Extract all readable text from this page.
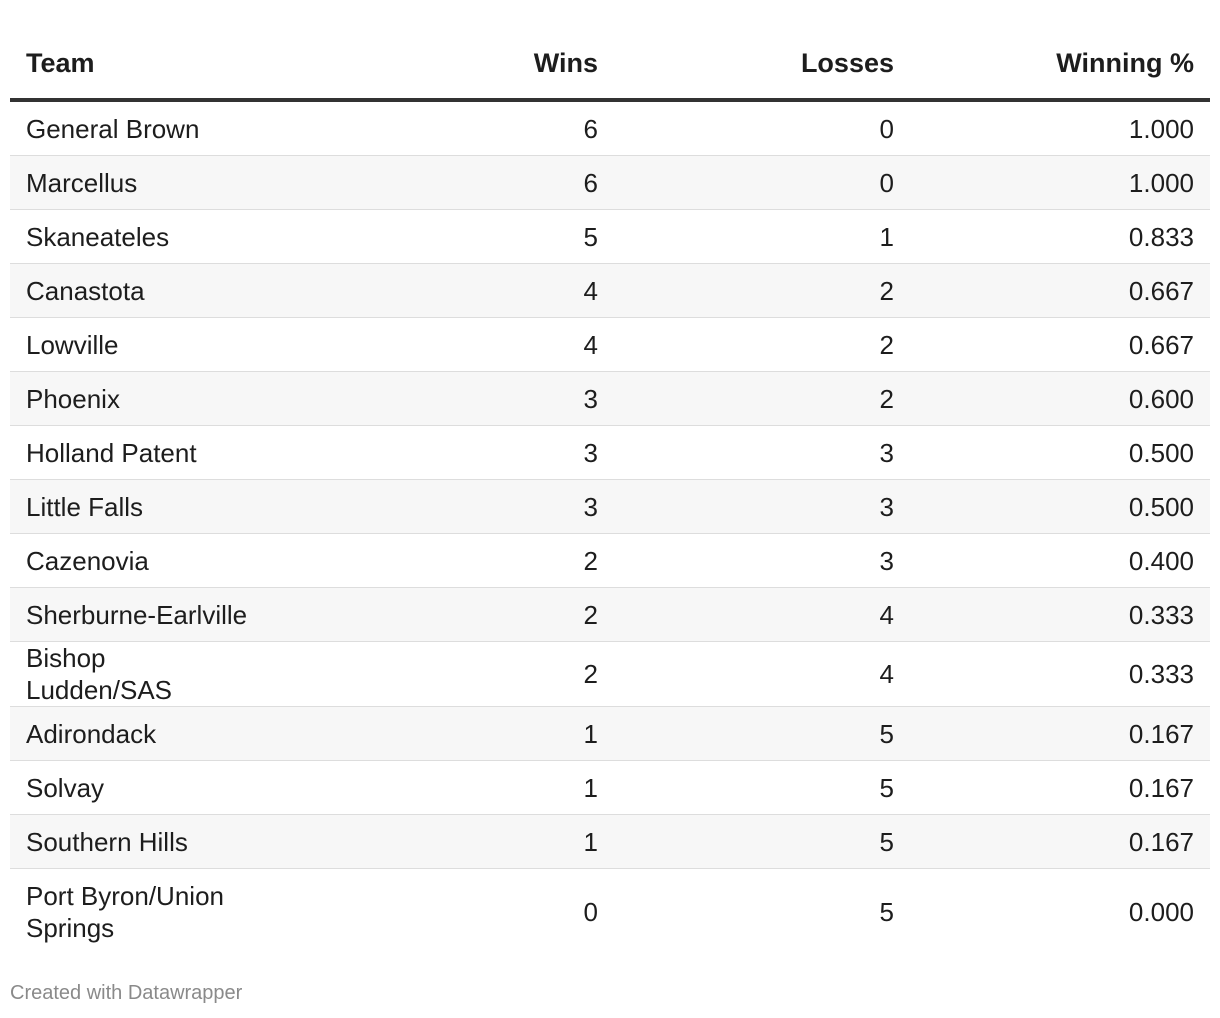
Team	Wins	Losses	Winning %
General Brown	6	0	1.000
Marcellus	6	0	1.000
Skaneateles	5	1	0.833
Canastota	4	2	0.667
Lowville	4	2	0.667
Phoenix	3	2	0.600
Holland Patent	3	3	0.500
Little Falls	3	3	0.500
Cazenovia	2	3	0.400
Sherburne-Earlville	2	4	0.333
Bishop Ludden/SAS	2	4	0.333
Adirondack	1	5	0.167
Solvay	1	5	0.167
Southern Hills	1	5	0.167
Port Byron/Union Springs	0	5	0.000
Created with Datawrapper
